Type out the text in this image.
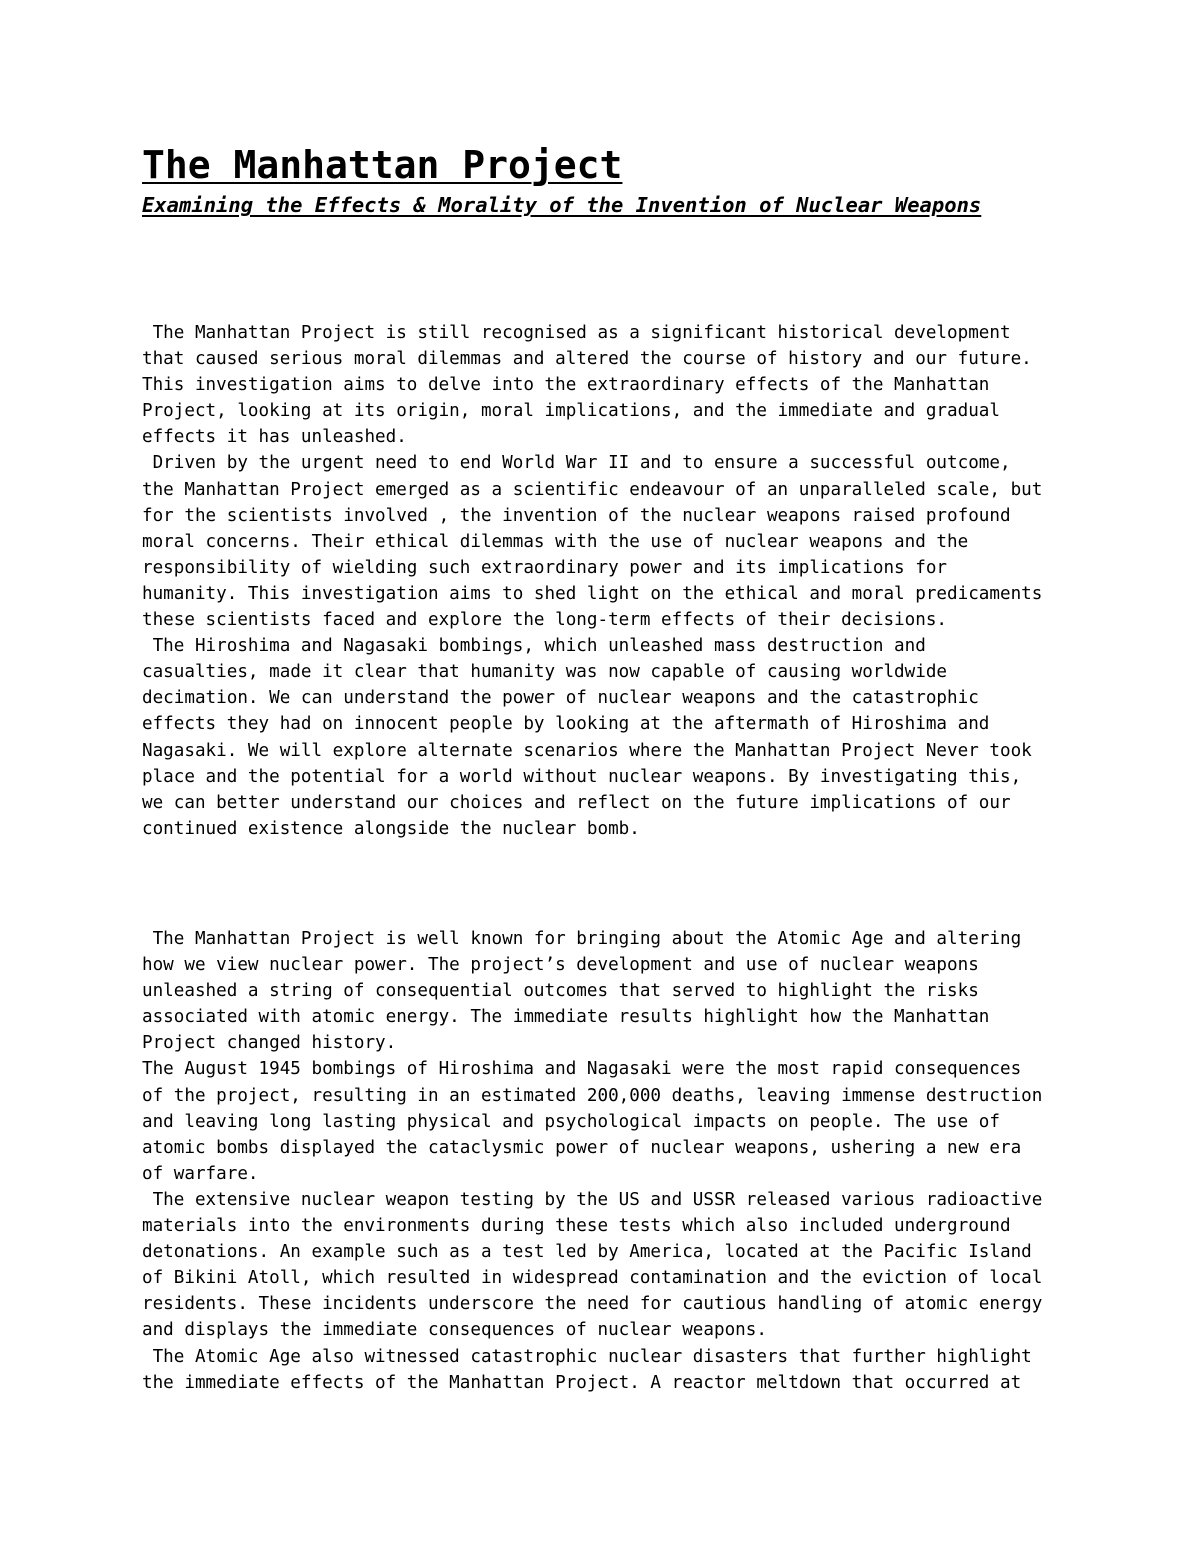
The Manhattan Project
Examining the Effects & Morality of the Invention of Nuclear Weapons
The Manhattan Project is still recognised as a significant historical development
that caused serious moral dilemmas and altered the course of history and our future.
This investigation aims to delve into the extraordinary effects of the Manhattan
Project, looking at its origin, moral implications, and the immediate and gradual
effects it has unleashed.
Driven by the urgent need to end World War II and to ensure a successful outcome,
the Manhattan Project emerged as a scientific endeavour of an unparalleled scale, but
for the scientists involved , the invention of the nuclear weapons raised profound
moral concerns. Their ethical dilemmas with the use of nuclear weapons and the
responsibility of wielding such extraordinary power and its implications for
humanity. This investigation aims to shed light on the ethical and moral predicaments
these scientists faced and explore the long-term effects of their decisions.
The Hiroshima and Nagasaki bombings, which unleashed mass destruction and
casualties, made it clear that humanity was now capable of causing worldwide
decimation. We can understand the power of nuclear weapons and the catastrophic
effects they had on innocent people by looking at the aftermath of Hiroshima and
Nagasaki. We will explore alternate scenarios where the Manhattan Project Never took
place and the potential for a world without nuclear weapons. By investigating this,
we can better understand our choices and reflect on the future implications of our
continued existence alongside the nuclear bomb.
The Manhattan Project is well known for bringing about the Atomic Age and altering
how we view nuclear power. The project’s development and use of nuclear weapons
unleashed a string of consequential outcomes that served to highlight the risks
associated with atomic energy. The immediate results highlight how the Manhattan
Project changed history.
The August 1945 bombings of Hiroshima and Nagasaki were the most rapid consequences
of the project, resulting in an estimated 200,000 deaths, leaving immense destruction
and leaving long lasting physical and psychological impacts on people. The use of
atomic bombs displayed the cataclysmic power of nuclear weapons, ushering a new era
of warfare.
The extensive nuclear weapon testing by the US and USSR released various radioactive
materials into the environments during these tests which also included underground
detonations. An example such as a test led by America, located at the Pacific Island
of Bikini Atoll, which resulted in widespread contamination and the eviction of local
residents. These incidents underscore the need for cautious handling of atomic energy
and displays the immediate consequences of nuclear weapons.
The Atomic Age also witnessed catastrophic nuclear disasters that further highlight
the immediate effects of the Manhattan Project. A reactor meltdown that occurred at
